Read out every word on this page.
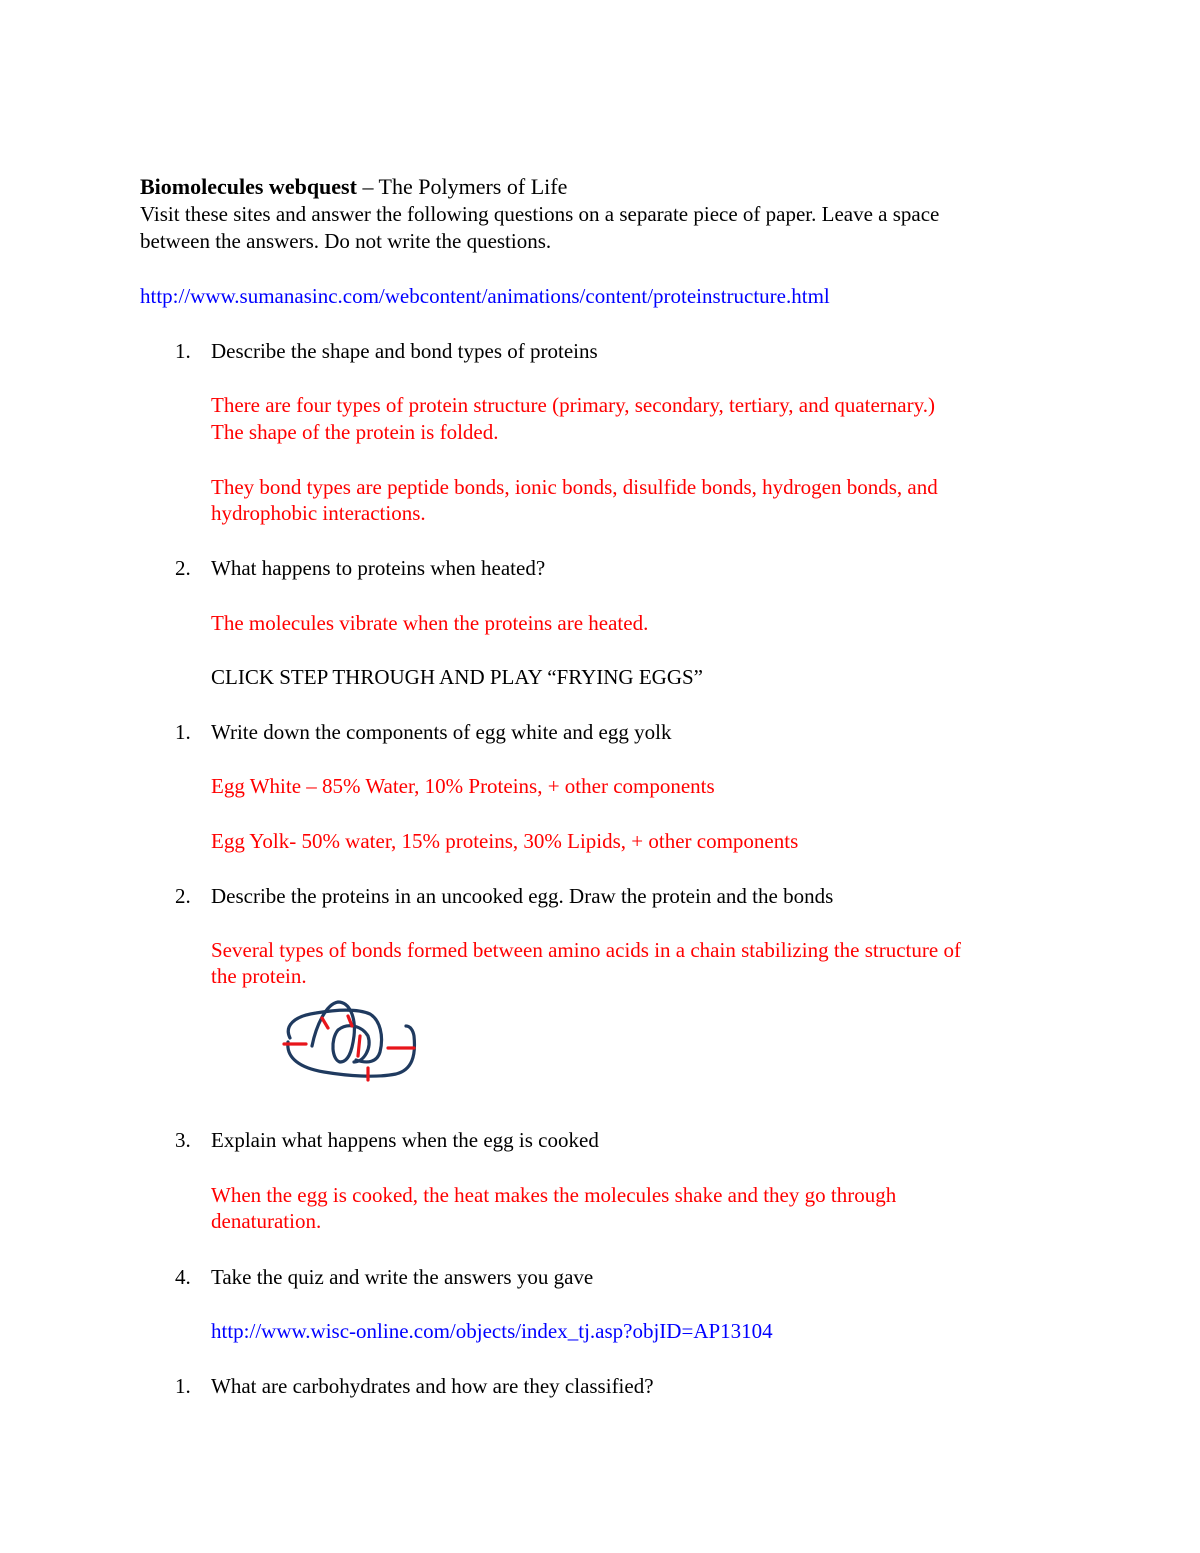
Biomolecules webquest – The Polymers of Life
Visit these sites and answer the following questions on a separate piece of paper. Leave a space
between the answers. Do not write the questions.
http://www.sumanasinc.com/webcontent/animations/content/proteinstructure.html
1. Describe the shape and bond types of proteins
There are four types of protein structure (primary, secondary, tertiary, and quaternary.)
The shape of the protein is folded.
They bond types are peptide bonds, ionic bonds, disulfide bonds, hydrogen bonds, and
hydrophobic interactions.
2. What happens to proteins when heated?
The molecules vibrate when the proteins are heated.
CLICK STEP THROUGH AND PLAY “FRYING EGGS”
1. Write down the components of egg white and egg yolk
Egg White – 85% Water, 10% Proteins, + other components
Egg Yolk- 50% water, 15% proteins, 30% Lipids, + other components
2. Describe the proteins in an uncooked egg. Draw the protein and the bonds
Several types of bonds formed between amino acids in a chain stabilizing the structure of
the protein.
3. Explain what happens when the egg is cooked
When the egg is cooked, the heat makes the molecules shake and they go through
denaturation.
4. Take the quiz and write the answers you gave
http://www.wisc-online.com/objects/index_tj.asp?objID=AP13104
1. What are carbohydrates and how are they classified?
